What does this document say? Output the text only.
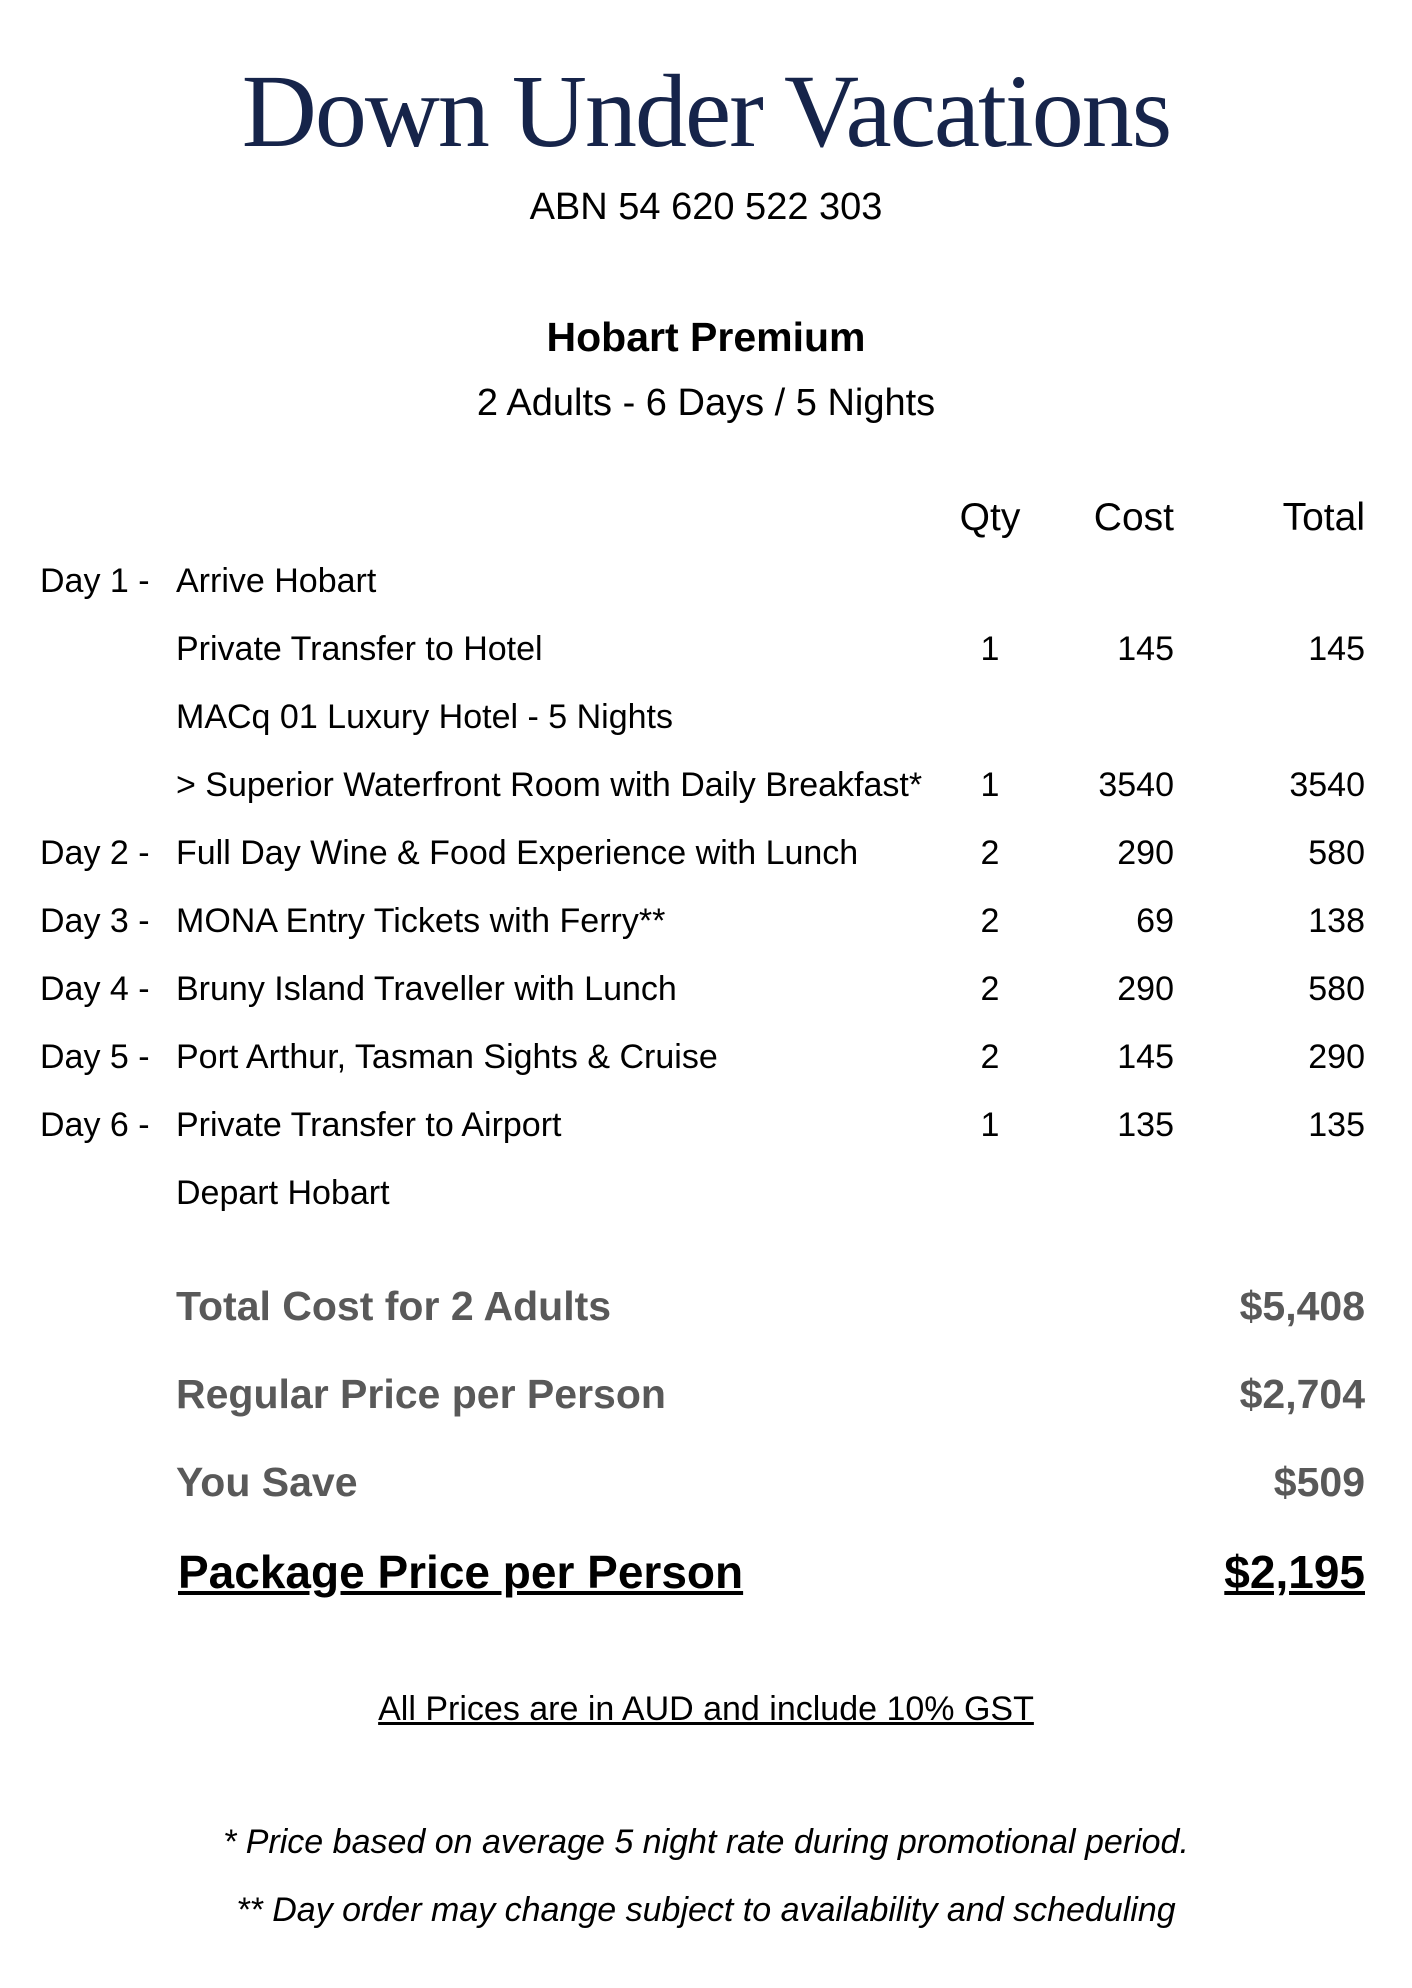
Down Under Vacations
ABN 54 620 522 303
Hobart Premium
2 Adults - 6 Days / 5 Nights
Qty	Cost	Total
Day 1 - Arrive Hobart
Private Transfer to Hotel	1	145	145
MACq 01 Luxury Hotel - 5 Nights
> Superior Waterfront Room with Daily Breakfast*	1	3540	3540
Day 2 - Full Day Wine & Food Experience with Lunch	2	290	580
Day 3 - MONA Entry Tickets with Ferry**	2	69	138
Day 4 - Bruny Island Traveller with Lunch	2	290	580
Day 5 - Port Arthur, Tasman Sights & Cruise	2	145	290
Day 6 - Private Transfer to Airport	1	135	135
Depart Hobart
Total Cost for 2 Adults	$5,408
Regular Price per Person	$2,704
You Save	$509
Package Price per Person	$2,195
All Prices are in AUD and include 10% GST
* Price based on average 5 night rate during promotional period.
** Day order may change subject to availability and scheduling
